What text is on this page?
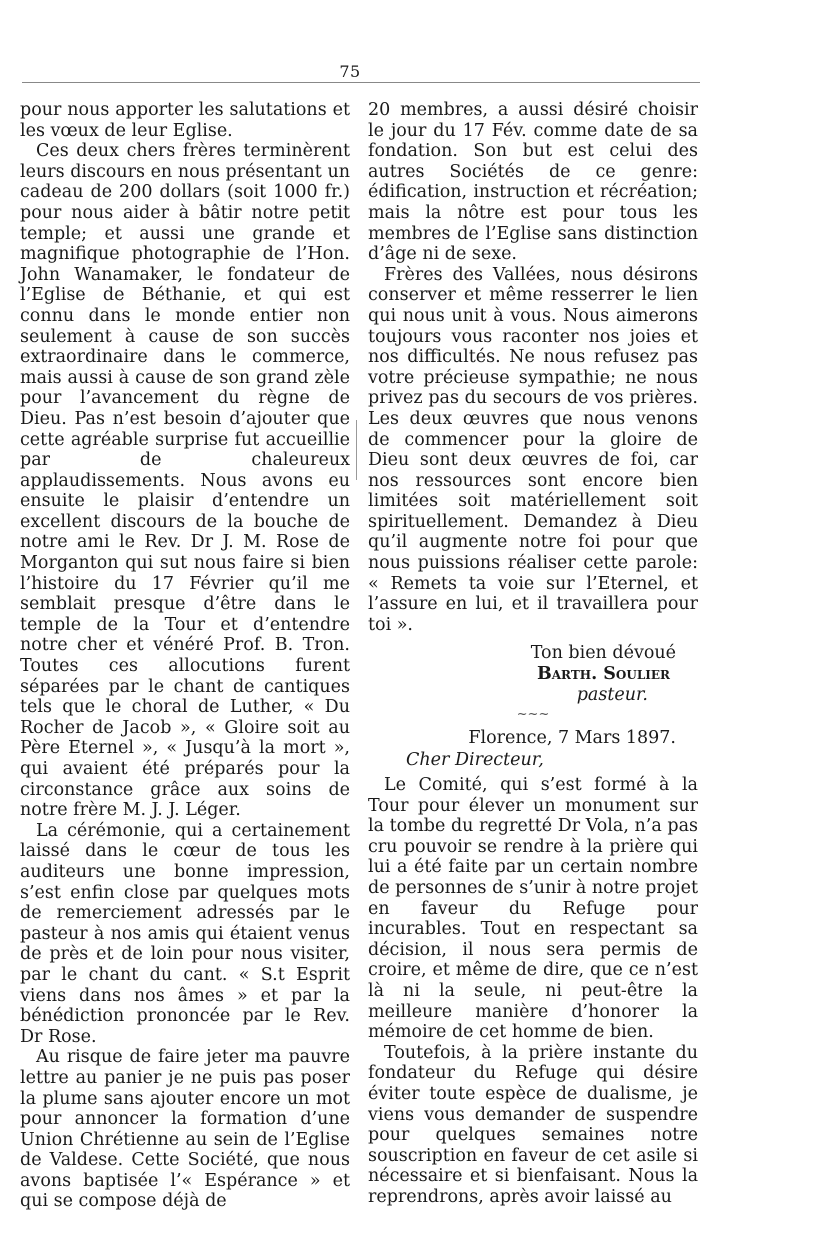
75

pour nous apporter les salutations et les vœux de leur Eglise.

Ces deux chers frères terminèrent leurs discours en nous présentant un cadeau de 200 dollars (soit 1000 fr.) pour nous aider à bâtir notre petit temple; et aussi une grande et magnifique photographie de l’Hon. John Wanamaker, le fondateur de l’Eglise de Béthanie, et qui est connu dans le monde entier non seulement à cause de son succès extraordinaire dans le commerce, mais aussi à cause de son grand zèle pour l’avancement du règne de Dieu. Pas n’est besoin d’ajouter que cette agréable surprise fut accueillie par de chaleureux applaudissements. Nous avons eu ensuite le plaisir d’entendre un excellent discours de la bouche de notre ami le Rev. Dr J. M. Rose de Morganton qui sut nous faire si bien l’histoire du 17 Février qu’il me semblait presque d’être dans le temple de la Tour et d’entendre notre cher et vénéré Prof. B. Tron. Toutes ces allocutions furent séparées par le chant de cantiques tels que le choral de Luther, « Du Rocher de Jacob », « Gloire soit au Père Eternel », « Jusqu’à la mort », qui avaient été préparés pour la circonstance grâce aux soins de notre frère M. J. J. Léger.

La cérémonie, qui a certainement laissé dans le cœur de tous les auditeurs une bonne impression, s’est enfin close par quelques mots de remerciement adressés par le pasteur à nos amis qui étaient venus de près et de loin pour nous visiter, par le chant du cant. « S.t Esprit viens dans nos âmes » et par la bénédiction prononcée par le Rev. Dr Rose.

Au risque de faire jeter ma pauvre lettre au panier je ne puis pas poser la plume sans ajouter encore un mot pour annoncer la formation d’une Union Chrétienne au sein de l’Eglise de Valdese. Cette Société, que nous avons baptisée l’« Espérance » et qui se compose déjà de

20 membres, a aussi désiré choisir le jour du 17 Fév. comme date de sa fondation. Son but est celui des autres Sociétés de ce genre: édification, instruction et récréation; mais la nôtre est pour tous les membres de l’Eglise sans distinction d’âge ni de sexe.

Frères des Vallées, nous désirons conserver et même resserrer le lien qui nous unit à vous. Nous aimerons toujours vous raconter nos joies et nos difficultés. Ne nous refusez pas votre précieuse sympathie; ne nous privez pas du secours de vos prières. Les deux œuvres que nous venons de commencer pour la gloire de Dieu sont deux œuvres de foi, car nos ressources sont encore bien limitées soit matériellement soit spirituellement. Demandez à Dieu qu’il augmente notre foi pour que nous puissions réaliser cette parole: « Remets ta voie sur l’Eternel, et l’assure en lui, et il travaillera pour toi ».

Ton bien dévoué

Barth. Soulier

pasteur.

~~~

Florence, 7 Mars 1897.

Cher Directeur,

Le Comité, qui s’est formé à la Tour pour élever un monument sur la tombe du regretté Dr Vola, n’a pas cru pouvoir se rendre à la prière qui lui a été faite par un certain nombre de personnes de s’unir à notre projet en faveur du Refuge pour incurables. Tout en respectant sa décision, il nous sera permis de croire, et même de dire, que ce n’est là ni la seule, ni peut-être la meilleure manière d’honorer la mémoire de cet homme de bien.

Toutefois, à la prière instante du fondateur du Refuge qui désire éviter toute espèce de dualisme, je viens vous demander de suspendre pour quelques semaines notre souscription en faveur de cet asile si nécessaire et si bienfaisant. Nous la reprendrons, après avoir laissé au
